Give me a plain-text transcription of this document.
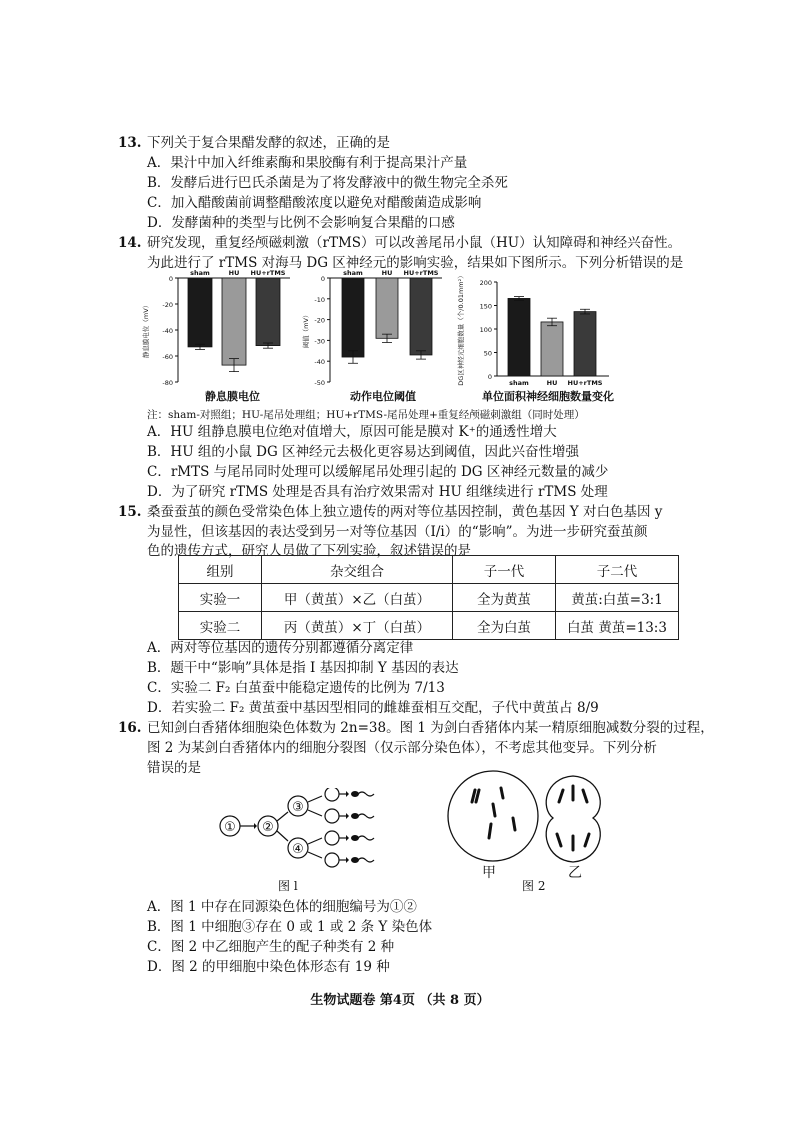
13. 下列关于复合果醋发酵的叙述，正确的是
A．果汁中加入纤维素酶和果胶酶有利于提高果汁产量
B．发酵后进行巴氏杀菌是为了将发酵液中的微生物完全杀死
C．加入醋酸菌前调整醋酸浓度以避免对醋酸菌造成影响
D．发酵菌种的类型与比例不会影响复合果醋的口感
14. 研究发现，重复经颅磁刺激（rTMS）可以改善尾吊小鼠（HU）认知障碍和神经兴奋性。
为此进行了 rTMS 对海马 DG 区神经元的影响实验，结果如下图所示。下列分析错误的是
0
-20
-40
-60
-80
静息膜电位（mV）
sham	HU HU+rTMS
0
-10
-20
-30
-40
-50
阈值（mV）
sham	HU HU+rTMS
0
50
100
150
200
DG区神经元细胞数量（个/0.01mm²）	sham	HU HU+rTMS
静息膜电位	动作电位阈值	单位面积神经细胞数量变化
注：sham-对照组；HU-尾吊处理组；HU+rTMS-尾吊处理+重复经颅磁刺激组（同时处理）
A．HU 组静息膜电位绝对值增大，原因可能是膜对 K⁺的通透性增大
B．HU 组的小鼠 DG 区神经元去极化更容易达到阈值，因此兴奋性增强
C．rMTS 与尾吊同时处理可以缓解尾吊处理引起的 DG 区神经元数量的减少
D．为了研究 rTMS 处理是否具有治疗效果需对 HU 组继续进行 rTMS 处理
15. 桑蚕蚕茧的颜色受常染色体上独立遗传的两对等位基因控制，黄色基因 Y 对白色基因 y
为显性，但该基因的表达受到另一对等位基因（I/i）的“影响”。为进一步研究蚕茧颜
色的遗传方式，研究人员做了下列实验，叙述错误的是
组别	杂交组合	子一代	子二代
实验一	甲（黄茧）×乙（白茧）	全为黄茧	黄茧:白茧=3:1
实验二	丙（黄茧）×丁（白茧）	全为白茧	白茧 黄茧=13:3
A．两对等位基因的遗传分别都遵循分离定律
B．题干中“影响”具体是指 I 基因抑制 Y 基因的表达
C．实验二 F₂ 白茧蚕中能稳定遗传的比例为 7/13
D．若实验二 F₂ 黄茧蚕中基因型相同的雌雄蚕相互交配，子代中黄茧占 8/9
16. 已知剑白香猪体细胞染色体数为 2n=38。图 1 为剑白香猪体内某一精原细胞减数分裂的过程，
图 2 为某剑白香猪体内的细胞分裂图（仅示部分染色体），不考虑其他变异。下列分析
错误的是
① ②
③
④
图 l
甲	乙
图 2
A．图 1 中存在同源染色体的细胞编号为①②
B．图 1 中细胞③存在 0 或 1 或 2 条 Y 染色体
C．图 2 中乙细胞产生的配子种类有 2 种
D．图 2 的甲细胞中染色体形态有 19 种
生物试题卷 第4页 （共 8 页）
